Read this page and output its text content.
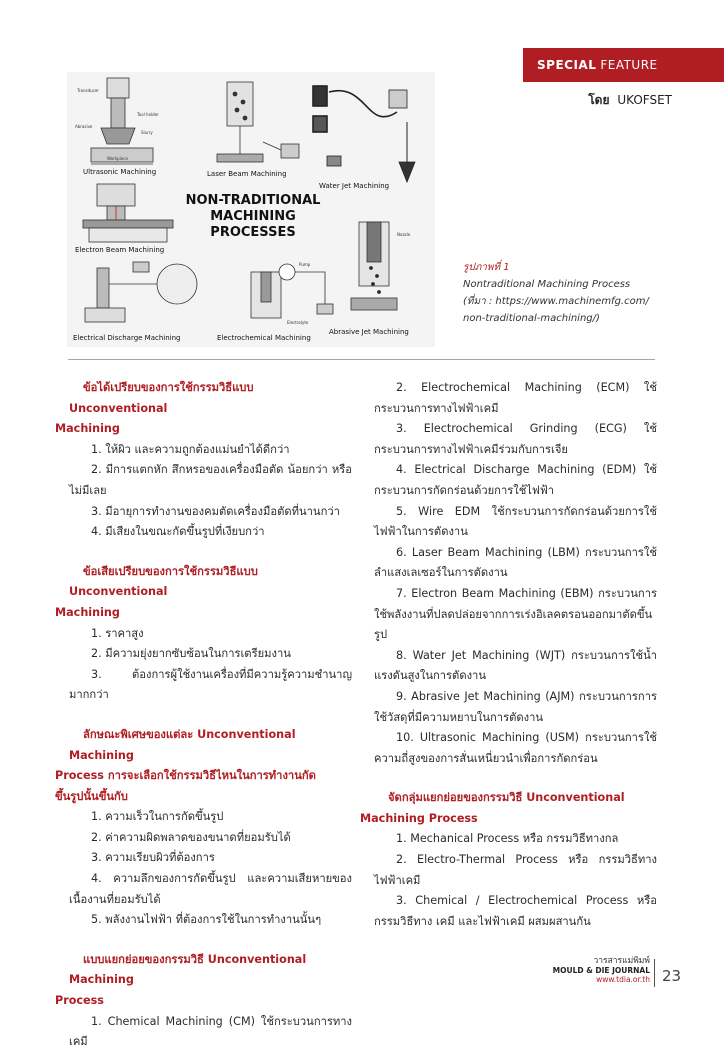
SPECIAL FEATURE
โดย UKOFSET
Transducer
Tool holder
Abrasive
Slurry
Workpiece
Ultrasonic Machining	Laser Beam Machining
Water Jet Machining
Electron Beam Machining
NON-TRADITIONAL
MACHINING
PROCESSES	Nozzle
Abrasive Jet Machining
Electrical Discharge Machining
Pump
Electrolyte
Electrochemical Machining
รูปภาพที่ 1
Nontraditional Machining Process
(ที่มา : https://www.machinemfg.com/
non-traditional-machining/)

ข้อได้เปรียบของการใช้กรรมวิธีแบบ Unconventional
Machining

1. ให้ผิว และความถูกต้องแม่นยำได้ดีกว่า

2. มีการแตกหัก สึกหรอของเครื่องมือตัด น้อยกว่า หรือไม่มีเลย

3. มีอายุการทำงานของคมตัดเครื่องมือตัดที่นานกว่า

4. มีเสียงในขณะกัดขึ้นรูปที่เงียบกว่า

ข้อเสียเปรียบของการใช้กรรมวิธีแบบ Unconventional
Machining

1. ราคาสูง

2. มีความยุ่งยากซับซ้อนในการเตรียมงาน

3. ต้องการผู้ใช้งานเครื่องที่มีความรู้ความชำนาญมากกว่า

ลักษณะพิเศษของแต่ละ Unconventional Machining
Process การจะเลือกใช้กรรมวิธีไหนในการทำงานกัด
ขึ้นรูปนั้นขึ้นกับ

1. ความเร็วในการกัดขึ้นรูป

2. ค่าความผิดพลาดของขนาดที่ยอมรับได้

3. ความเรียบผิวที่ต้องการ

4. ความลึกของการกัดขึ้นรูป และความเสียหายของเนื้องานที่ยอมรับได้

5. พลังงานไฟฟ้า ที่ต้องการใช้ในการทำงานนั้นๆ

แบบแยกย่อยของกรรมวิธี Unconventional Machining
Process

1. Chemical Machining (CM) ใช้กระบวนการทางเคมี

2. Electrochemical Machining (ECM) ใช้กระบวนการทางไฟฟ้าเคมี

3. Electrochemical Grinding (ECG) ใช้กระบวนการทางไฟฟ้าเคมีร่วมกับการเจีย

4. Electrical Discharge Machining (EDM) ใช้กระบวนการกัดกร่อนด้วยการใช้ไฟฟ้า

5. Wire EDM ใช้กระบวนการกัดกร่อนด้วยการใช้ไฟฟ้าในการตัดงาน

6. Laser Beam Machining (LBM) กระบวนการใช้ลำแสงเลเซอร์ในการตัดงาน

7. Electron Beam Machining (EBM) กระบวนการใช้พลังงานที่ปลดปล่อยจากการเร่งอิเลคตรอนออกมาตัดขึ้นรูป

8. Water Jet Machining (WJT) กระบวนการใช้น้ำแรงดันสูงในการตัดงาน

9. Abrasive Jet Machining (AJM) กระบวนการการใช้วัสดุที่มีความหยาบในการตัดงาน

10. Ultrasonic Machining (USM) กระบวนการใช้ความถี่สูงของการสั่นเหนี่ยวนำเพื่อการกัดกร่อน

จัดกลุ่มแยกย่อยของกรรมวิธี Unconventional
Machining Process

1. Mechanical Process หรือ กรรมวิธีทางกล

2. Electro-Thermal Process หรือ กรรมวิธีทาง ไฟฟ้าเคมี

3. Chemical / Electrochemical Process หรือ กรรมวิธีทาง เคมี และไฟฟ้าเคมี ผสมผสานกัน

วารสารแม่พิมพ์
MOULD & DIE JOURNAL
www.tdia.or.th 23
